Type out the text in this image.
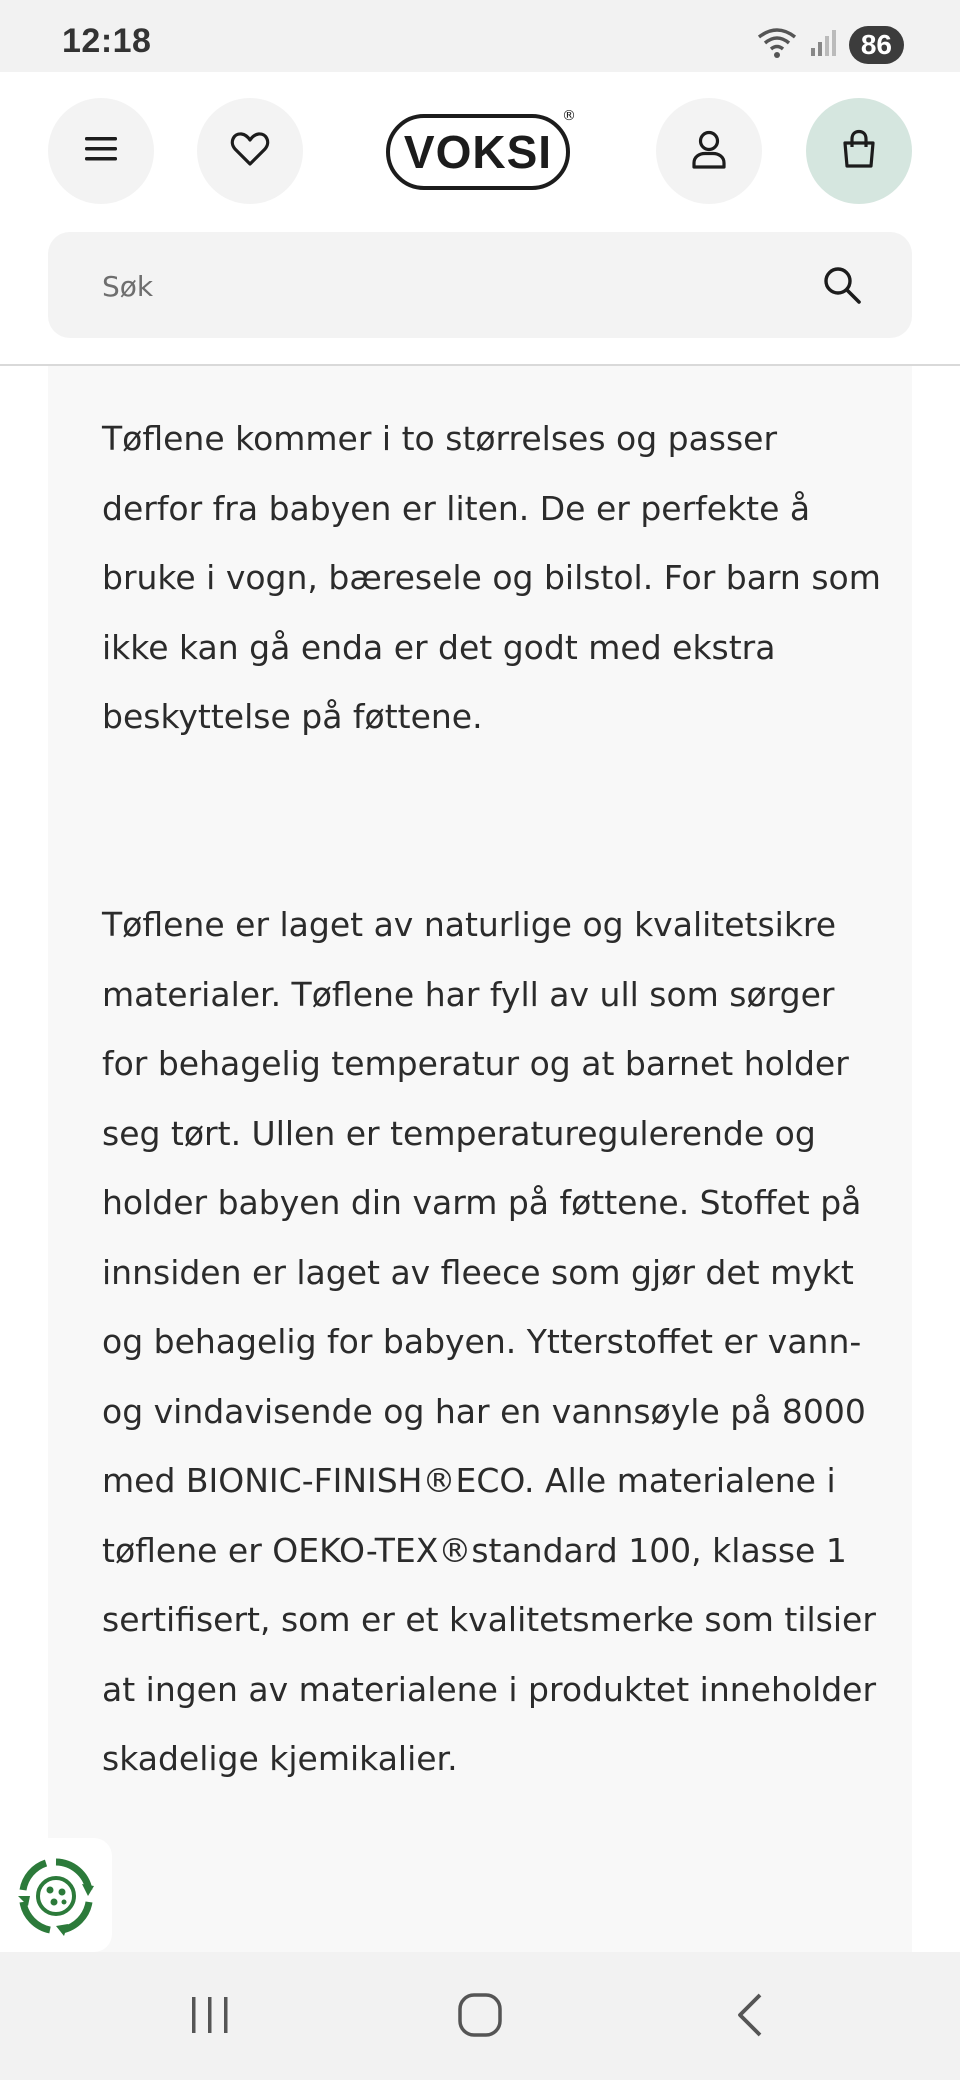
12:18	86
VOKSI
®
Søk

Tøflene kommer i to størrelses og passer derfor fra babyen er liten. De er perfekte å bruke i vogn, bæresele og bilstol. For barn som ikke kan gå enda er det godt med ekstra beskyttelse på føttene.

Tøflene er laget av naturlige og kvalitetsikre materialer. Tøflene har fyll av ull som sørger for behagelig temperatur og at barnet holder seg tørt. Ullen er temperaturegulerende og holder babyen din varm på føttene. Stoffet på innsiden er laget av fleece som gjør det mykt og behagelig for babyen. Ytterstoffet er vann-og vindavisende og har en vannsøyle på 8000 med BIONIC-FINISH®ECO. Alle materialene i tøflene er OEKO-TEX®standard 100, klasse 1 sertifisert, som er et kvalitetsmerke som tilsier at ingen av materialene i produktet inneholder skadelige kjemikalier.
